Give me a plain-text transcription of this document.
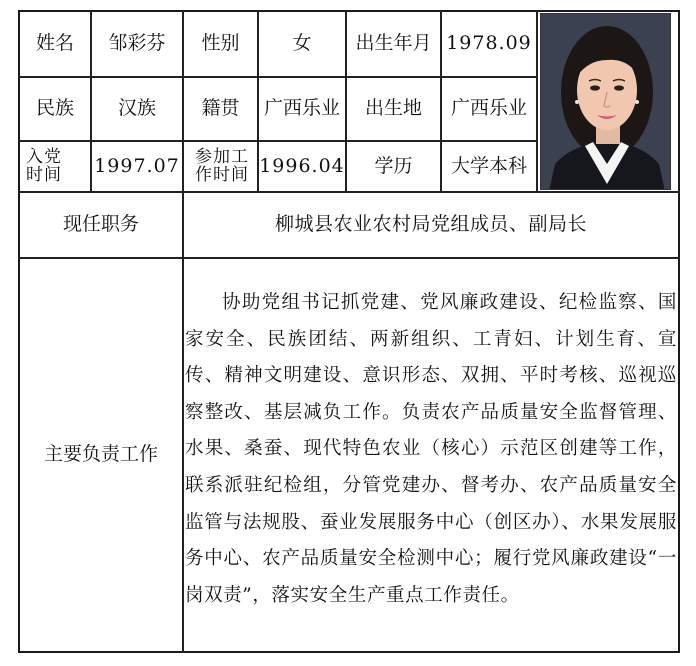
姓名	邹彩芬	性别	女	出生年月 1978.09
民族	汉族	籍贯	广西乐业	出生地	广西乐业
入党时间	1997.07 参加工作时间 1996.04	学历	大学本科
现任职务	柳城县农业农村局党组成员、副局长
主要负责工作
协助党组书记抓党建、党风廉政建设、纪检监察、国家安全、民族团结、两新组织、工青妇、计划生育、宣传、精神文明建设、意识形态、双拥、平时考核、巡视巡察整改、基层减负工作。负责农产品质量安全监督管理、水果、桑蚕、现代特色农业（核心）示范区创建等工作，联系派驻纪检组，分管党建办、督考办、农产品质量安全监管与法规股、蚕业发展服务中心（创区办）、水果发展服务中心、农产品质量安全检测中心；履行党风廉政建设“一岗双责”，落实安全生产重点工作责任。
